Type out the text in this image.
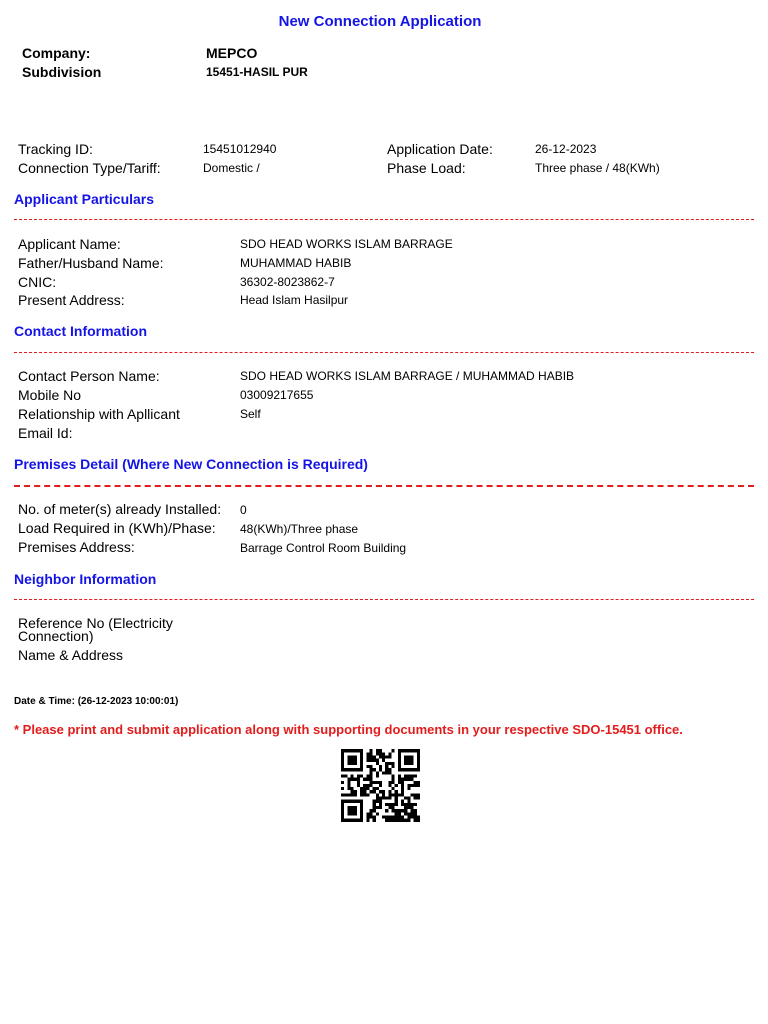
New Connection Application
Company:	MEPCO
Subdivision	15451-HASIL PUR
Tracking ID:	15451012940	Application Date:	26-12-2023
Connection Type/Tariff:	Domestic /	Phase Load:	Three phase / 48(KWh)
Applicant Particulars
Applicant Name:	SDO HEAD WORKS ISLAM BARRAGE
Father/Husband Name:	MUHAMMAD HABIB
CNIC:	36302-8023862-7
Present Address:	Head Islam Hasilpur
Contact Information
Contact Person Name:	SDO HEAD WORKS ISLAM BARRAGE / MUHAMMAD HABIB
Mobile No	03009217655
Relationship with Apllicant	Self
Email Id:
Premises Detail (Where New Connection is Required)
No. of meter(s) already Installed: 0
Load Required in (KWh)/Phase: 48(KWh)/Three phase
Premises Address:	Barrage Control Room Building
Neighbor Information
Reference No (Electricity Connection)
Name & Address
Date & Time: (26-12-2023 10:00:01)
* Please print and submit application along with supporting documents in your respective SDO-15451 office.
